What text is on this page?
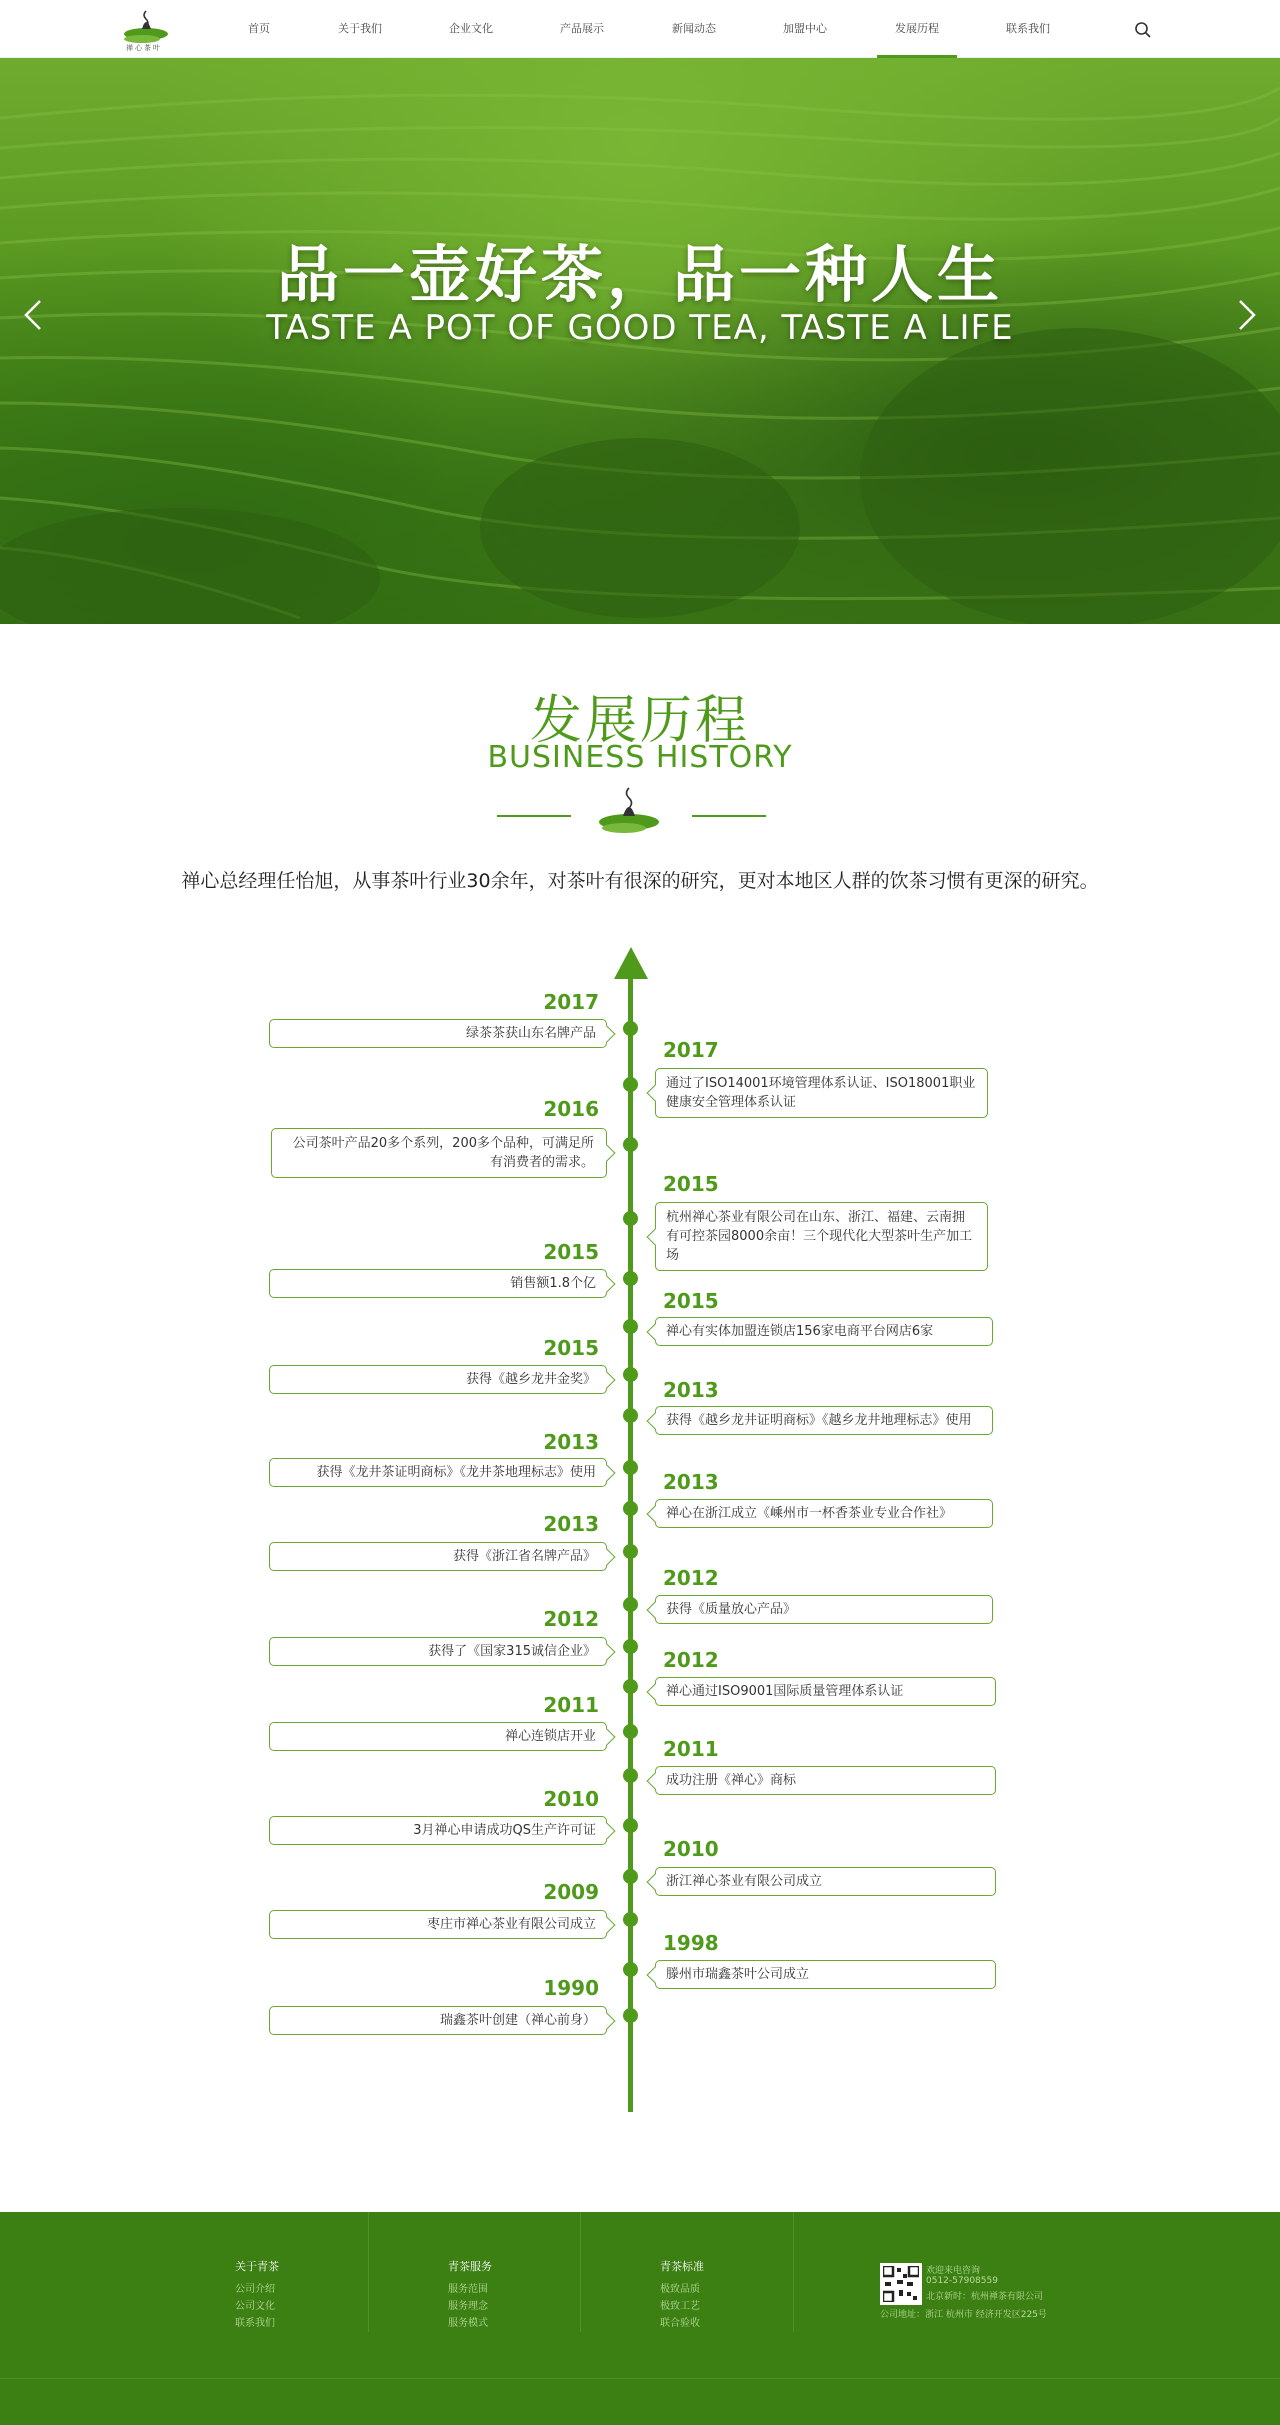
禅心茶叶
首页	关于我们	企业文化	产品展示	新闻动态	加盟中心	发展历程	联系我们
品一壶好茶，品一种人生
TASTE A POT OF GOOD TEA, TASTE A LIFE
发展历程
BUSINESS HISTORY
禅心总经理任怡旭，从事茶叶行业30余年，对茶叶有很深的研究，更对本地区人群的饮茶习惯有更深的研究。
2017
绿茶茶获山东名牌产品
2016
公司茶叶产品20多个系列，200多个品种，可满足所有消费者的需求。
2015
销售额1.8个亿
2015
获得《越乡龙井金奖》
2013
获得《龙井茶证明商标》《龙井茶地理标志》使用
2013
获得《浙江省名牌产品》
2012
获得了《国家315诚信企业》
2011
禅心连锁店开业
2010
3月禅心申请成功QS生产许可证
2009
枣庄市禅心茶业有限公司成立
1990
瑞鑫茶叶创建（禅心前身）
2017
通过了ISO14001环境管理体系认证、ISO18001职业健康安全管理体系认证
2015
杭州禅心茶业有限公司在山东、浙江、福建、云南拥有可控茶园8000余亩！三个现代化大型茶叶生产加工场
2015
禅心有实体加盟连锁店156家电商平台网店6家
2013
获得《越乡龙井证明商标》《越乡龙井地理标志》使用
2013
禅心在浙江成立《嵊州市一杯香茶业专业合作社》
2012
获得《质量放心产品》
2012
禅心通过ISO9001国际质量管理体系认证
2011
成功注册《禅心》商标
2010
浙江禅心茶业有限公司成立
1998
滕州市瑞鑫茶叶公司成立
关于青茶
公司介绍
公司文化
联系我们
青茶服务
服务范围
服务理念
服务模式
青茶标准
极致品质
极致工艺
联合验收
欢迎来电咨询
0512-57908559
北京新时：杭州禅茶有限公司
公司地址：浙江 杭州市 经济开发区225号
